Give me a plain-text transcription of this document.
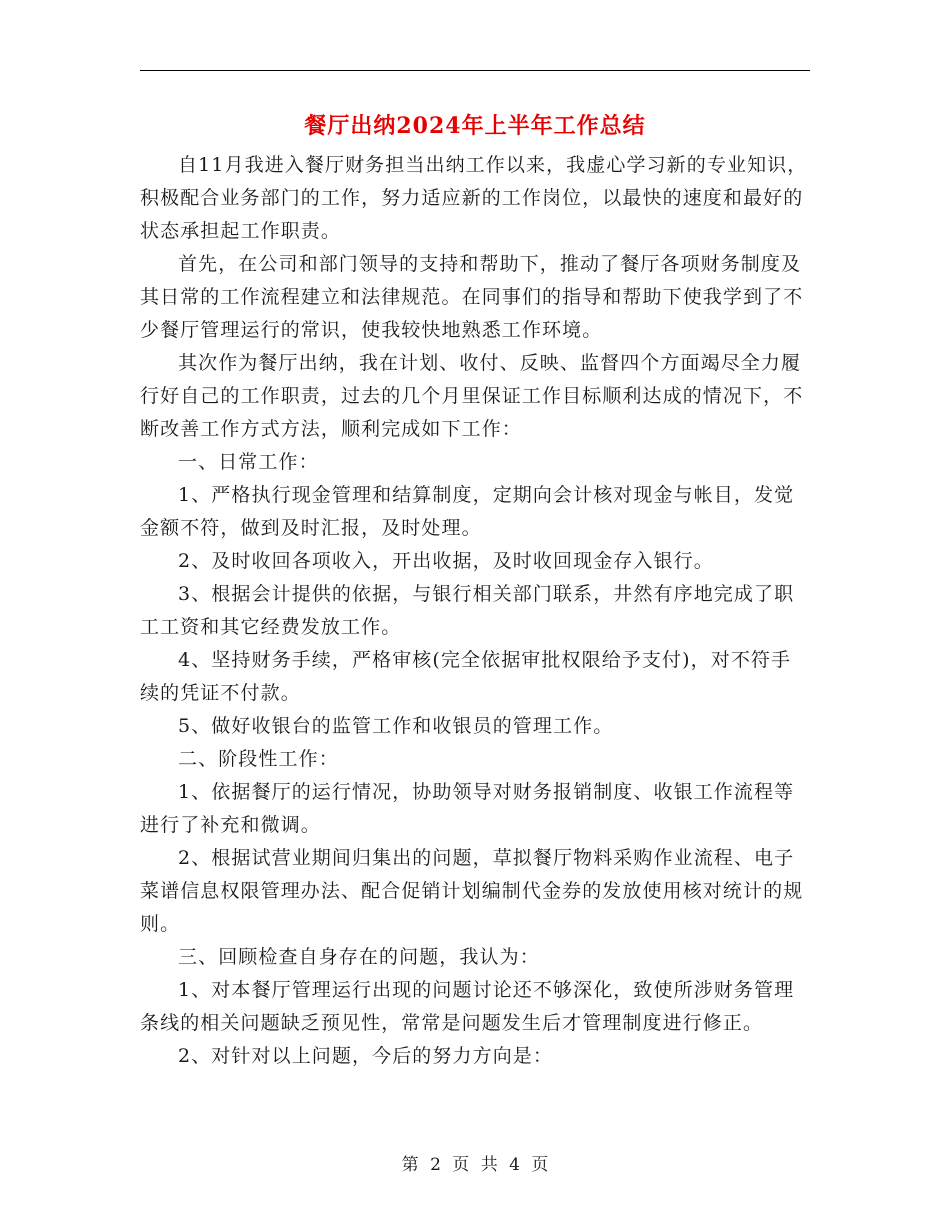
餐厅出纳2024年上半年工作总结

自11月我进入餐厅财务担当出纳工作以来，我虚心学习新的专业知识，积极配合业务部门的工作，努力适应新的工作岗位，以最快的速度和最好的状态承担起工作职责。

首先，在公司和部门领导的支持和帮助下，推动了餐厅各项财务制度及其日常的工作流程建立和法律规范。在同事们的指导和帮助下使我学到了不少餐厅管理运行的常识，使我较快地熟悉工作环境。

其次作为餐厅出纳，我在计划、收付、反映、监督四个方面竭尽全力履行好自己的工作职责，过去的几个月里保证工作目标顺利达成的情况下，不断改善工作方式方法，顺利完成如下工作：

一、日常工作：

1、严格执行现金管理和结算制度，定期向会计核对现金与帐目，发觉金额不符，做到及时汇报，及时处理。

2、及时收回各项收入，开出收据，及时收回现金存入银行。

3、根据会计提供的依据，与银行相关部门联系，井然有序地完成了职工工资和其它经费发放工作。

4、坚持财务手续，严格审核(完全依据审批权限给予支付)，对不符手续的凭证不付款。

5、做好收银台的监管工作和收银员的管理工作。

二、阶段性工作：

1、依据餐厅的运行情况，协助领导对财务报销制度、收银工作流程等进行了补充和微调。

2、根据试营业期间归集出的问题，草拟餐厅物料采购作业流程、电子菜谱信息权限管理办法、配合促销计划编制代金券的发放使用核对统计的规则。

三、回顾检查自身存在的问题，我认为：

1、对本餐厅管理运行出现的问题讨论还不够深化，致使所涉财务管理条线的相关问题缺乏预见性，常常是问题发生后才管理制度进行修正。

2、对针对以上问题，今后的努力方向是：

第 2 页 共 4 页
